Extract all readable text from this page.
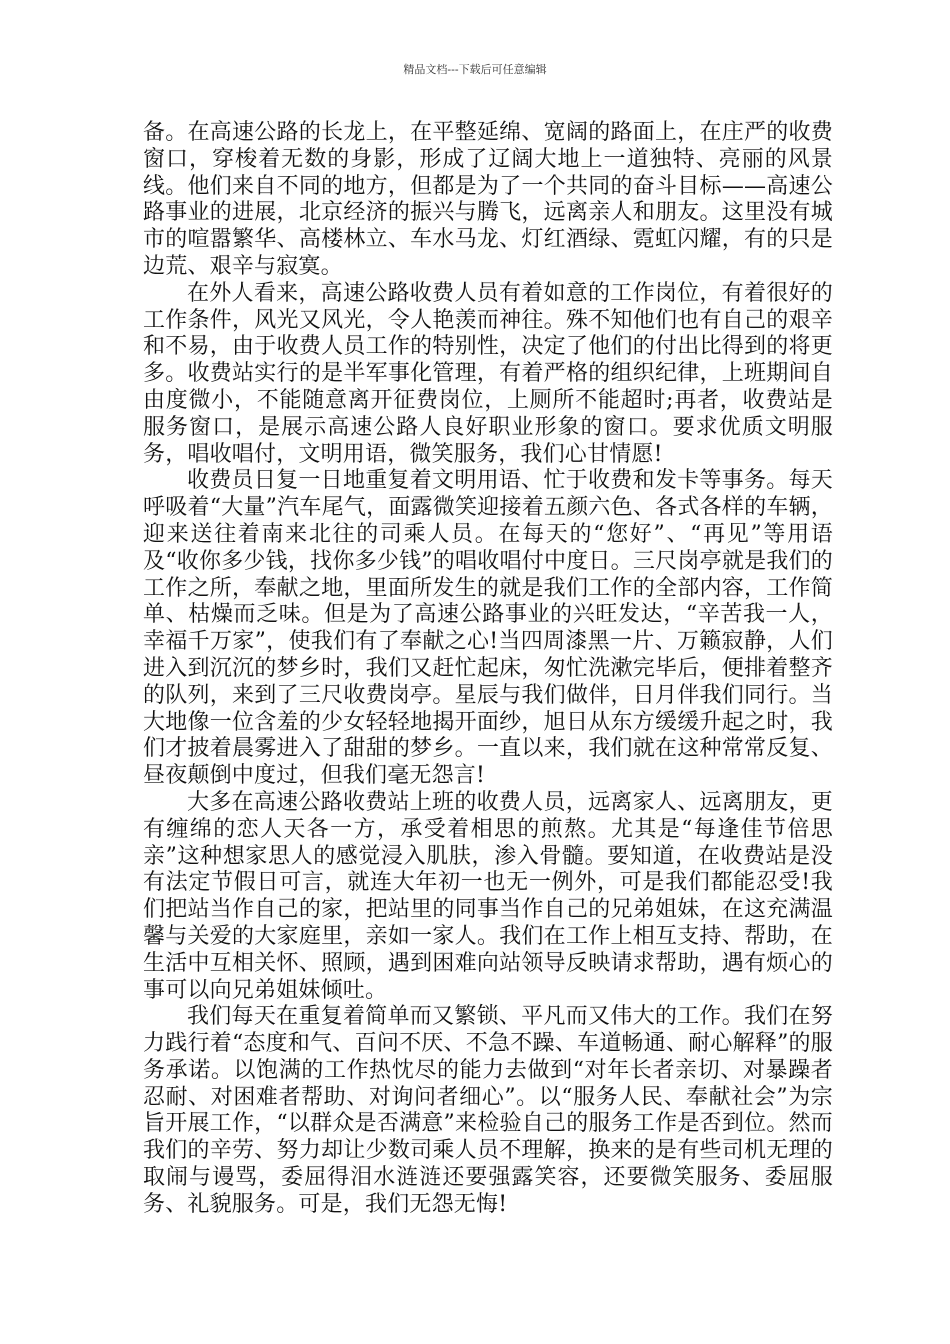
精品文档---下载后可任意编辑

备。在高速公路的长龙上，在平整延绵、宽阔的路面上，在庄严的收费窗口，穿梭着无数的身影，形成了辽阔大地上一道独特、亮丽的风景线。他们来自不同的地方，但都是为了一个共同的奋斗目标——高速公路事业的进展，北京经济的振兴与腾飞，远离亲人和朋友。这里没有城市的喧嚣繁华、高楼林立、车水马龙、灯红酒绿、霓虹闪耀，有的只是边荒、艰辛与寂寞。

在外人看来，高速公路收费人员有着如意的工作岗位，有着很好的工作条件，风光又风光，令人艳羡而神往。殊不知他们也有自己的艰辛和不易，由于收费人员工作的特别性，决定了他们的付出比得到的将更多。收费站实行的是半军事化管理，有着严格的组织纪律，上班期间自由度微小，不能随意离开征费岗位，上厕所不能超时;再者，收费站是服务窗口，是展示高速公路人良好职业形象的窗口。要求优质文明服务，唱收唱付，文明用语，微笑服务，我们心甘情愿!

收费员日复一日地重复着文明用语、忙于收费和发卡等事务。每天呼吸着“大量”汽车尾气，面露微笑迎接着五颜六色、各式各样的车辆，迎来送往着南来北往的司乘人员。在每天的“您好”、“再见”等用语及“收你多少钱，找你多少钱”的唱收唱付中度日。三尺岗亭就是我们的工作之所，奉献之地，里面所发生的就是我们工作的全部内容，工作简单、枯燥而乏味。但是为了高速公路事业的兴旺发达，“辛苦我一人，幸福千万家”，使我们有了奉献之心!当四周漆黑一片、万籁寂静，人们进入到沉沉的梦乡时，我们又赶忙起床，匆忙洗漱完毕后，便排着整齐的队列，来到了三尺收费岗亭。星辰与我们做伴，日月伴我们同行。当大地像一位含羞的少女轻轻地揭开面纱，旭日从东方缓缓升起之时，我们才披着晨雾进入了甜甜的梦乡。一直以来，我们就在这种常常反复、昼夜颠倒中度过，但我们毫无怨言!

大多在高速公路收费站上班的收费人员，远离家人、远离朋友，更有缠绵的恋人天各一方，承受着相思的煎熬。尤其是“每逢佳节倍思亲”这种想家思人的感觉浸入肌肤，渗入骨髓。要知道，在收费站是没有法定节假日可言，就连大年初一也无一例外，可是我们都能忍受!我们把站当作自己的家，把站里的同事当作自己的兄弟姐妹，在这充满温馨与关爱的大家庭里，亲如一家人。我们在工作上相互支持、帮助，在生活中互相关怀、照顾，遇到困难向站领导反映请求帮助，遇有烦心的事可以向兄弟姐妹倾吐。

我们每天在重复着简单而又繁锁、平凡而又伟大的工作。我们在努力践行着“态度和气、百问不厌、不急不躁、车道畅通、耐心解释”的服务承诺。以饱满的工作热忱尽的能力去做到“对年长者亲切、对暴躁者忍耐、对困难者帮助、对询问者细心”。以“服务人民、奉献社会”为宗旨开展工作，“以群众是否满意”来检验自己的服务工作是否到位。然而我们的辛劳、努力却让少数司乘人员不理解，换来的是有些司机无理的取闹与谩骂，委屈得泪水涟涟还要强露笑容，还要微笑服务、委屈服务、礼貌服务。可是，我们无怨无悔!
